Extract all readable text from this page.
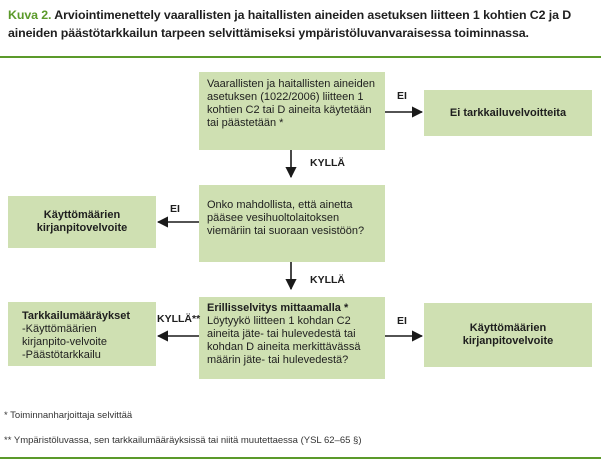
Kuva 2. Arviointimenettely vaarallisten ja haitallisten aineiden asetuksen liitteen 1 kohtien C2 ja D aineiden päästötarkkailun tarpeen selvittämiseksi ympäristöluvanvaraisessa toiminnassa.
Vaarallisten ja haitallisten aineiden asetuksen (1022/2006) liitteen 1 kohtien C2 tai D aineita käytetään tai päästetään *
Ei tarkkailuvelvoitteita
Onko mahdollista, että ainetta pääsee vesihuoltolaitoksen viemäriin tai suoraan vesistöön?
Käyttömäärien kirjanpitovelvoite
Erillisselvitys mittaamalla *
Löytyykö liitteen 1 kohdan C2 aineita jäte- tai hulevedestä tai kohdan D aineita merkittävässä määrin jäte- tai hulevedestä?
Tarkkailumääräykset
-Käyttömäärien kirjanpito-velvoite
-Päästötarkkailu
Käyttömäärien kirjanpitovelvoite
EI
KYLLÄ
EI
KYLLÄ
KYLLÄ**	EI
* Toiminnanharjoittaja selvittää
** Ympäristöluvassa, sen tarkkailumääräyksissä tai niitä muutettaessa (YSL 62–65 §)
